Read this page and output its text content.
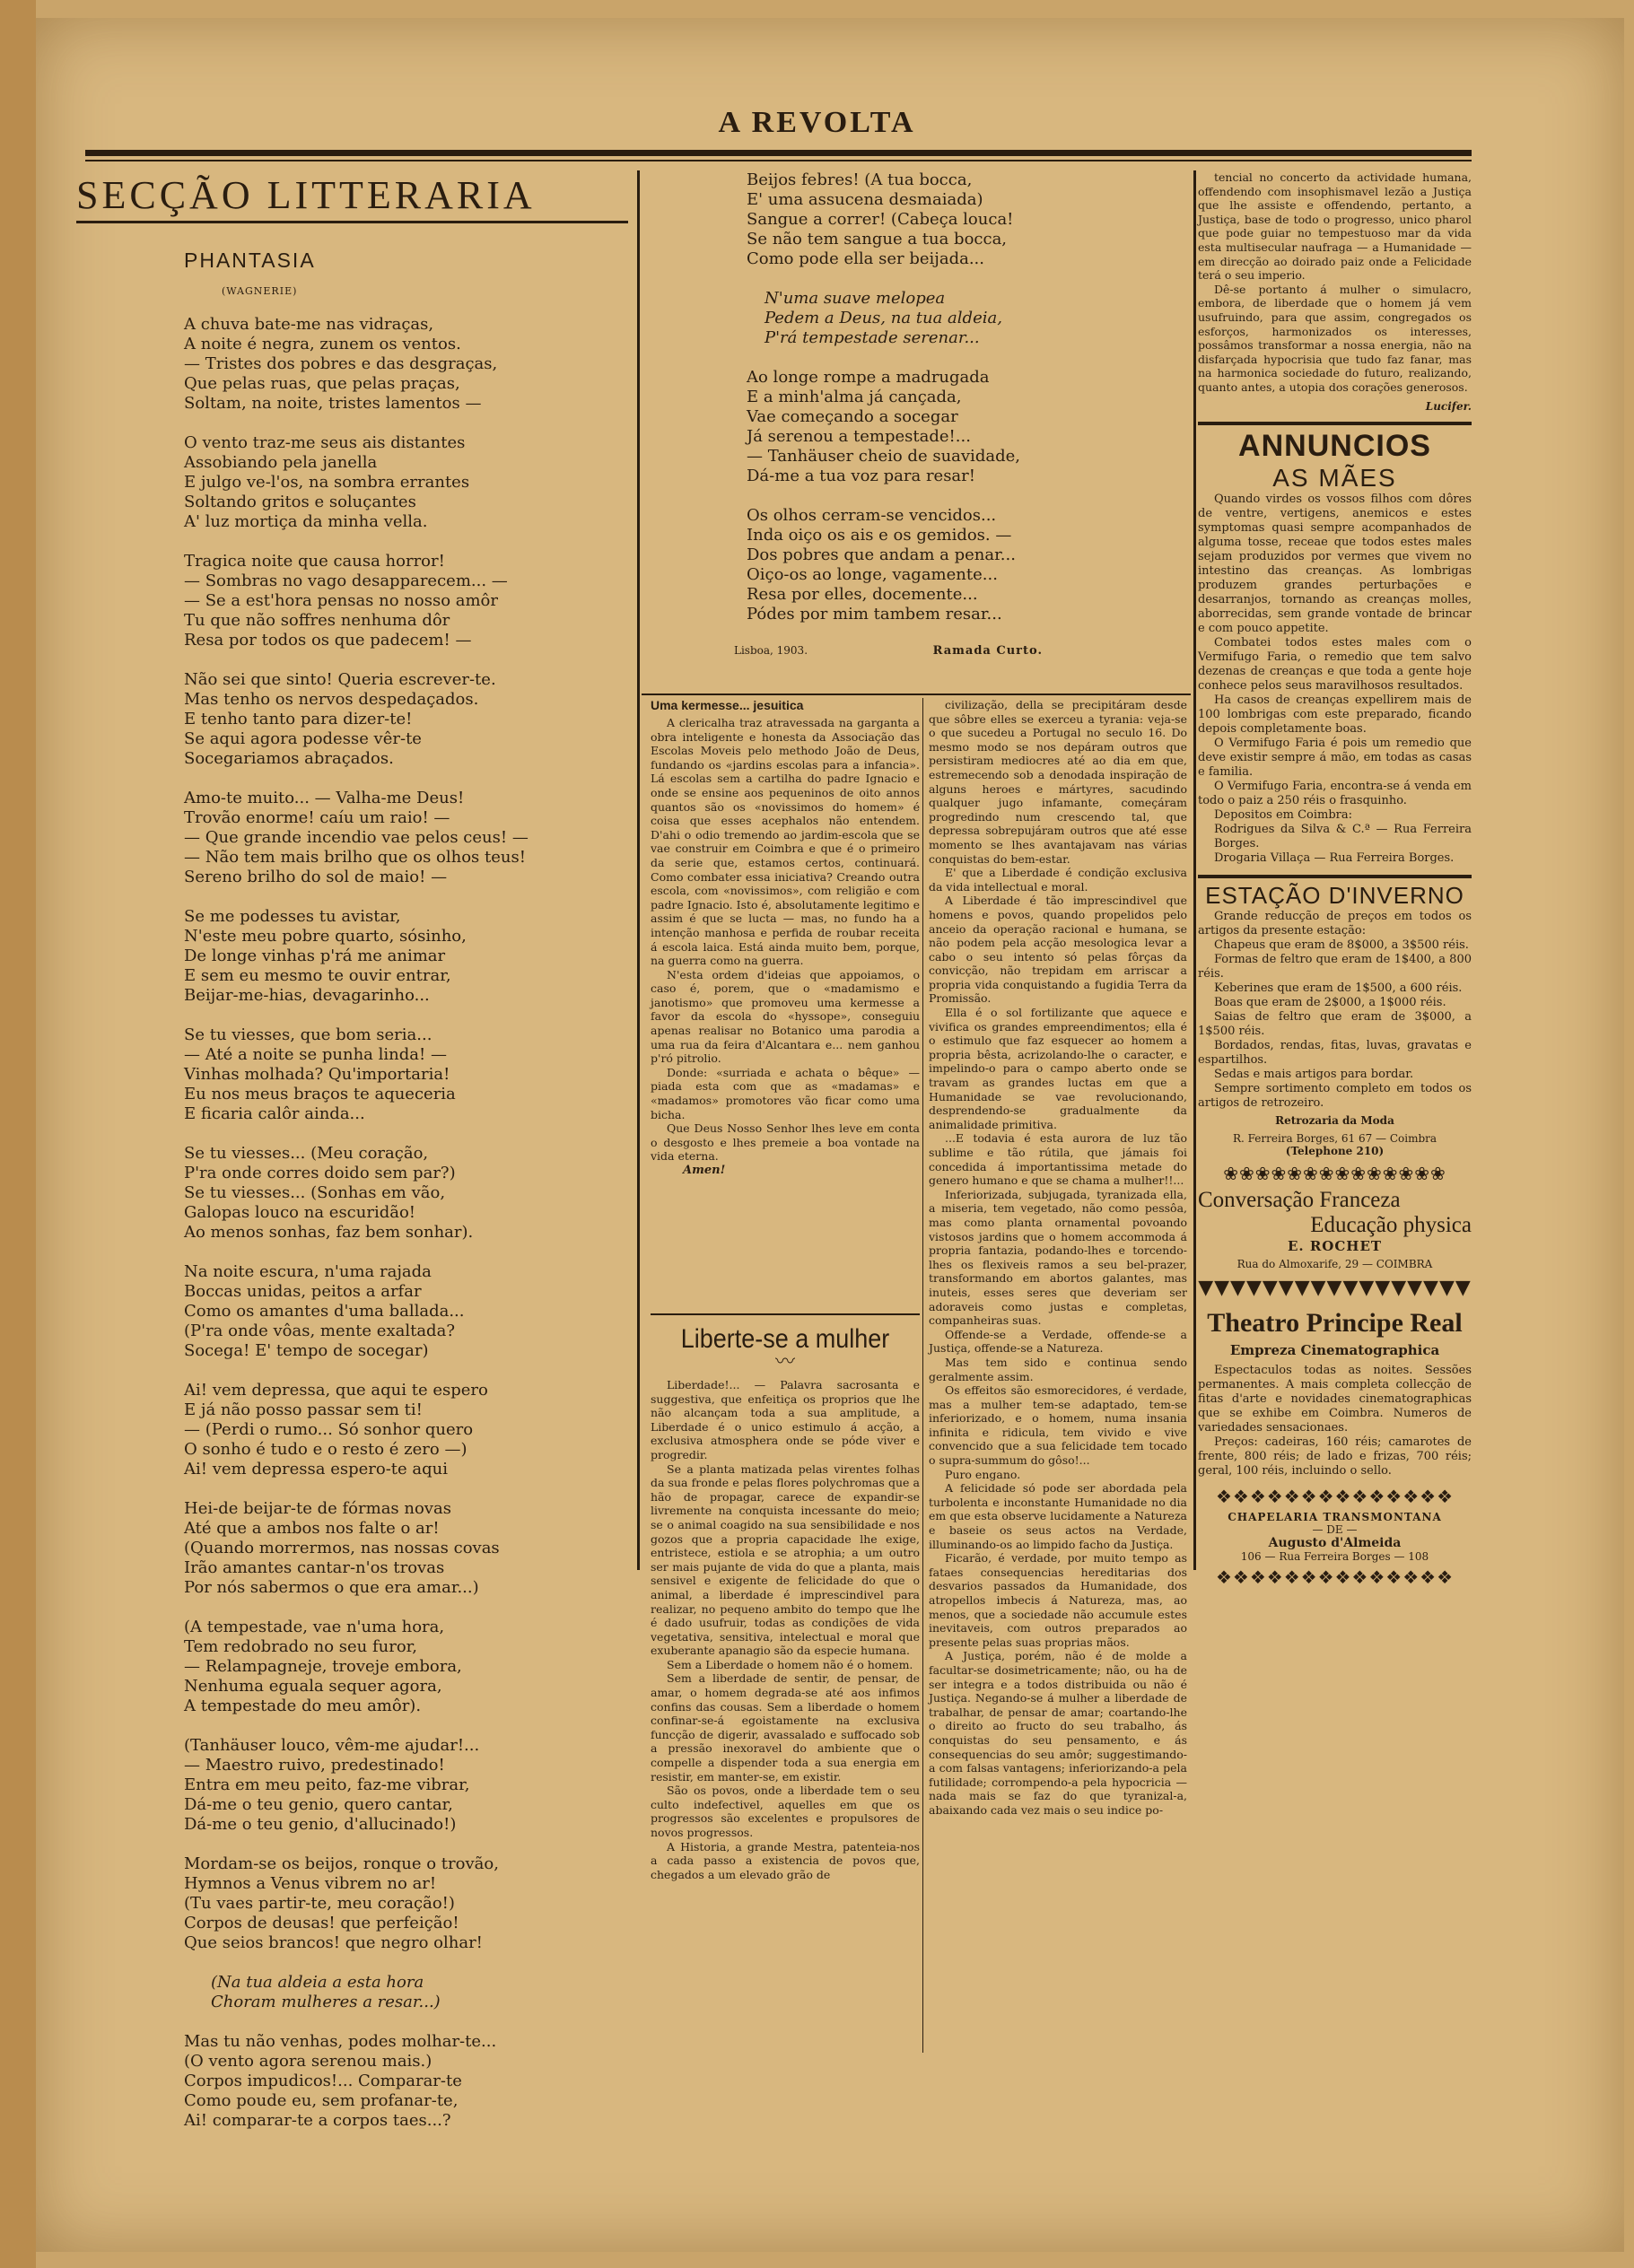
A REVOLTA
SECÇÃO LITTERARIA
PHANTASIA
(WAGNERIE)
A chuva bate-me nas vidraças,
A noite é negra, zunem os ventos.
— Tristes dos pobres e das desgraças,
Que pelas ruas, que pelas praças,
Soltam, na noite, tristes lamentos —
O vento traz-me seus ais distantes
Assobiando pela janella
E julgo ve-l'os, na sombra errantes
Soltando gritos e soluçantes
A' luz mortiça da minha vella.
Tragica noite que causa horror!
— Sombras no vago desapparecem... —
— Se a est'hora pensas no nosso amôr
Tu que não soffres nenhuma dôr
Resa por todos os que padecem! —
Não sei que sinto! Queria escrever-te.
Mas tenho os nervos despedaçados.
E tenho tanto para dizer-te!
Se aqui agora podesse vêr-te
Socegariamos abraçados.
Amo-te muito... — Valha-me Deus!
Trovão enorme! caíu um raio! —
— Que grande incendio vae pelos ceus! —
— Não tem mais brilho que os olhos teus!
Sereno brilho do sol de maio! —
Se me podesses tu avistar,
N'este meu pobre quarto, sósinho,
De longe vinhas p'rá me animar
E sem eu mesmo te ouvir entrar,
Beijar-me-hias, devagarinho...
Se tu viesses, que bom seria...
— Até a noite se punha linda! —
Vinhas molhada? Qu'importaria!
Eu nos meus braços te aqueceria
E ficaria calôr ainda...
Se tu viesses... (Meu coração,
P'ra onde corres doido sem par?)
Se tu viesses... (Sonhas em vão,
Galopas louco na escuridão!
Ao menos sonhas, faz bem sonhar).
Na noite escura, n'uma rajada
Boccas unidas, peitos a arfar
Como os amantes d'uma ballada...
(P'ra onde vôas, mente exaltada?
Socega! E' tempo de socegar)
Ai! vem depressa, que aqui te espero
E já não posso passar sem ti!
— (Perdi o rumo... Só sonhor quero
O sonho é tudo e o resto é zero —)
Ai! vem depressa espero-te aqui
Hei-de beijar-te de fórmas novas
Até que a ambos nos falte o ar!
(Quando morrermos, nas nossas covas
Irão amantes cantar-n'os trovas
Por nós sabermos o que era amar...)
(A tempestade, vae n'uma hora,
Tem redobrado no seu furor,
— Relampagneje, troveje embora,
Nenhuma eguala sequer agora,
A tempestade do meu amôr).
(Tanhäuser louco, vêm-me ajudar!...
— Maestro ruivo, predestinado!
Entra em meu peito, faz-me vibrar,
Dá-me o teu genio, quero cantar,
Dá-me o teu genio, d'allucinado!)
Mordam-se os beijos, ronque o trovão,
Hymnos a Venus vibrem no ar!
(Tu vaes partir-te, meu coração!)
Corpos de deusas! que perfeição!
Que seios brancos! que negro olhar!
(Na tua aldeia a esta hora
Choram mulheres a resar...)
Mas tu não venhas, podes molhar-te...
(O vento agora serenou mais.)
Corpos impudicos!... Comparar-te
Como poude eu, sem profanar-te,
Ai! comparar-te a corpos taes...?
Beijos febres! (A tua bocca,
E' uma assucena desmaiada)
Sangue a correr! (Cabeça louca!
Se não tem sangue a tua bocca,
Como pode ella ser beijada...
N'uma suave melopea
Pedem a Deus, na tua aldeia,
P'rá tempestade serenar...
Ao longe rompe a madrugada
E a minh'alma já cançada,
Vae começando a socegar
Já serenou a tempestade!...
— Tanhäuser cheio de suavidade,
Dá-me a tua voz para resar!
Os olhos cerram-se vencidos...
Inda oiço os ais e os gemidos. —
Dos pobres que andam a penar...
Oiço-os ao longe, vagamente...
Resa por elles, docemente...
Pódes por mim tambem resar...
Lisboa, 1903.	Ramada Curto.
Uma kermesse... jesuitica

A clericalha traz atravessada na garganta a obra inteligente e honesta da Associação das Escolas Moveis pelo methodo João de Deus, fundando os «jardins escolas para a infancia». Lá escolas sem a cartilha do padre Ignacio e onde se ensine aos pequeninos de oito annos quantos são os «novissimos do homem» é coisa que esses acephalos não entendem. D'ahi o odio tremendo ao jardim-escola que se vae construir em Coimbra e que é o primeiro da serie que, estamos certos, continuará. Como combater essa iniciativa? Creando outra escola, com «novissimos», com religião e com padre Ignacio. Isto é, absolutamente legitimo e assim é que se lucta — mas, no fundo ha a intenção manhosa e perfida de roubar receita á escola laica. Está ainda muito bem, porque, na guerra como na guerra.

N'esta ordem d'ideias que appoiamos, o caso é, porem, que o «madamismo e janotismo» que promoveu uma kermesse a favor da escola do «hyssope», conseguiu apenas realisar no Botanico uma parodia a uma rua da feira d'Alcantara e... nem ganhou p'ró pitrolio.

Donde: «surriada e achata o bêque» — piada esta com que as «madamas» e «madamos» promotores vão ficar como uma bicha.

Que Deus Nosso Senhor lhes leve em conta o desgosto e lhes premeie a boa vontade na vida eterna.

Amen!
Liberte-se a mulher
〰

Liberdade!... — Palavra sacrosanta e suggestiva, que enfeitiça os proprios que lhe não alcançam toda a sua amplitude, a Liberdade é o unico estimulo á acção, a exclusiva atmosphera onde se póde viver e progredir.

Se a planta matizada pelas virentes folhas da sua fronde e pelas flores polychromas que a hão de propagar, carece de expandir-se livremente na conquista incessante do meio; se o animal coagido na sua sensibilidade e nos gozos que a propria capacidade lhe exige, entristece, estiola e se atrophia; a um outro ser mais pujante de vida do que a planta, mais sensivel e exigente de felicidade do que o animal, a liberdade é imprescindivel para realizar, no pequeno ambito do tempo que lhe é dado usufruir, todas as condições de vida vegetativa, sensitiva, intelectual e moral que exuberante apanagio são da especie humana.

Sem a Liberdade o homem não é o homem.

Sem a liberdade de sentir, de pensar, de amar, o homem degrada-se até aos infimos confins das cousas. Sem a liberdade o homem confinar-se-á egoistamente na exclusiva funcção de digerir, avassalado e suffocado sob a pressão inexoravel do ambiente que o compelle a dispender toda a sua energia em resistir, em manter-se, em existir.

São os povos, onde a liberdade tem o seu culto indefectivel, aquelles em que os progressos são excelentes e propulsores de novos progressos.

A Historia, a grande Mestra, patenteia-nos a cada passo a existencia de povos que, chegados a um elevado grão de

civilização, della se precipitáram desde que sôbre elles se exerceu a tyrania: veja-se o que sucedeu a Portugal no seculo 16. Do mesmo modo se nos depáram outros que persistiram mediocres até ao dia em que, estremecendo sob a denodada inspiração de alguns heroes e mártyres, sacudindo qualquer jugo infamante, começáram progredindo num crescendo tal, que depressa sobrepujáram outros que até esse momento se lhes avantajavam nas várias conquistas do bem-estar.

E' que a Liberdade é condição exclusiva da vida intellectual e moral.

A Liberdade é tão imprescindivel que homens e povos, quando propelidos pelo anceio da operação racional e humana, se não podem pela acção mesologica levar a cabo o seu intento só pelas fôrças da convicção, não trepidam em arriscar a propria vida conquistando a fugidia Terra da Promissão.

Ella é o sol fortilizante que aquece e vivifica os grandes empreendimentos; ella é o estimulo que faz esquecer ao homem a propria bêsta, acrizolando-lhe o caracter, e impelindo-o para o campo aberto onde se travam as grandes luctas em que a Humanidade se vae revolucionando, desprendendo-se gradualmente da animalidade primitiva.

...E todavia é esta aurora de luz tão sublime e tão rútila, que jámais foi concedida á importantissima metade do genero humano e que se chama a mulher!!...

Inferiorizada, subjugada, tyranizada ella, a miseria, tem vegetado, não como pessôa, mas como planta ornamental povoando vistosos jardins que o homem accommoda á propria fantazia, podando-lhes e torcendo-lhes os flexiveis ramos a seu bel-prazer, transformando em abortos galantes, mas inuteis, esses seres que deveriam ser adoraveis como justas e completas, companheiras suas.

Offende-se a Verdade, offende-se a Justiça, offende-se a Natureza.

Mas tem sido e continua sendo geralmente assim.

Os effeitos são esmorecidores, é verdade, mas a mulher tem-se adaptado, tem-se inferiorizado, e o homem, numa insania infinita e ridicula, tem vivido e vive convencido que a sua felicidade tem tocado o supra-summum do gôso!...

Puro engano.

A felicidade só pode ser abordada pela turbolenta e inconstante Humanidade no dia em que esta observe lucidamente a Natureza e baseie os seus actos na Verdade, illuminando-os ao limpido facho da Justiça.

Ficarão, é verdade, por muito tempo as fataes consequencias hereditarias dos desvarios passados da Humanidade, dos atropellos imbecis á Natureza, mas, ao menos, que a sociedade não accumule estes inevitaveis, com outros preparados ao presente pelas suas proprias mãos.

A Justiça, porém, não é de molde a facultar-se dosimetricamente; não, ou ha de ser integra e a todos distribuida ou não é Justiça. Negando-se á mulher a liberdade de trabalhar, de pensar de amar; coartando-lhe o direito ao fructo do seu trabalho, ás conquistas do seu pensamento, e ás consequencias do seu amôr; suggestimando-a com falsas vantagens; inferiorizando-a pela futilidade; corrompendo-a pela hypocricia — nada mais se faz do que tyranizal-a, abaixando cada vez mais o seu indice po-

tencial no concerto da actividade humana, offendendo com insophismavel lezão a Justiça que lhe assiste e offendendo, pertanto, a Justiça, base de todo o progresso, unico pharol que pode guiar no tempestuoso mar da vida esta multisecular naufraga — a Humanidade — em direcção ao doirado paiz onde a Felicidade terá o seu imperio.

Dê-se portanto á mulher o simulacro, embora, de liberdade que o homem já vem usufruindo, para que assim, congregados os esforços, harmonizados os interesses, possâmos transformar a nossa energia, não na disfarçada hypocrisia que tudo faz fanar, mas na harmonica sociedade do futuro, realizando, quanto antes, a utopia dos corações generosos.

Lucifer.
ANNUNCIOS
AS MÃES

Quando virdes os vossos filhos com dôres de ventre, vertigens, anemicos e estes symptomas quasi sempre acompanhados de alguma tosse, receae que todos estes males sejam produzidos por vermes que vivem no intestino das creanças. As lombrigas produzem grandes perturbações e desarranjos, tornando as creanças molles, aborrecidas, sem grande vontade de brincar e com pouco appetite.

Combatei todos estes males com o Vermifugo Faria, o remedio que tem salvo dezenas de creanças e que toda a gente hoje conhece pelos seus maravilhosos resultados.

Ha casos de creanças expellirem mais de 100 lombrigas com este preparado, ficando depois completamente boas.

O Vermifugo Faria é pois um remedio que deve existir sempre á mão, em todas as casas e familia.

O Vermifugo Faria, encontra-se á venda em todo o paiz a 250 réis o frasquinho.

Depositos em Coimbra:

Rodrigues da Silva & C.ª — Rua Ferreira Borges.

Drogaria Villaça — Rua Ferreira Borges.

ESTAÇÃO D'INVERNO

Grande reducção de preços em todos os artigos da presente estação:

Chapeus que eram de 8$000, a 3$500 réis.

Formas de feltro que eram de 1$400, a 800 réis.

Keberines que eram de 1$500, a 600 réis.

Boas que eram de 2$000, a 1$000 réis.

Saias de feltro que eram de 3$000, a 1$500 réis.

Bordados, rendas, fitas, luvas, gravatas e espartilhos.

Sedas e mais artigos para bordar.

Sempre sortimento completo em todos os artigos de retrozeiro.

Retrozaria da Moda
R. Ferreira Borges, 61 67 — Coimbra
(Telephone 210)
❀❀❀❀❀❀❀❀❀❀❀❀❀❀
Conversação Franceza
Educação physica
E. ROCHET
Rua do Almoxarife, 29 — COIMBRA
▼▼▼▼▼▼▼▼▼▼▼▼▼▼▼▼▼
Theatro Principe Real
Empreza Cinematographica

Espectaculos todas as noites. Sessões permanentes. A mais completa collecção de fitas d'arte e novidades cinematographicas que se exhibe em Coimbra. Numeros de variedades sensacionaes.

Preços: cadeiras, 160 réis; camarotes de frente, 800 réis; de lado e frizas, 700 réis; geral, 100 réis, incluindo o sello.

❖❖❖❖❖❖❖❖❖❖❖❖❖❖
CHAPELARIA TRANSMONTANA
— DE —
Augusto d'Almeida
106 — Rua Ferreira Borges — 108
❖❖❖❖❖❖❖❖❖❖❖❖❖❖
